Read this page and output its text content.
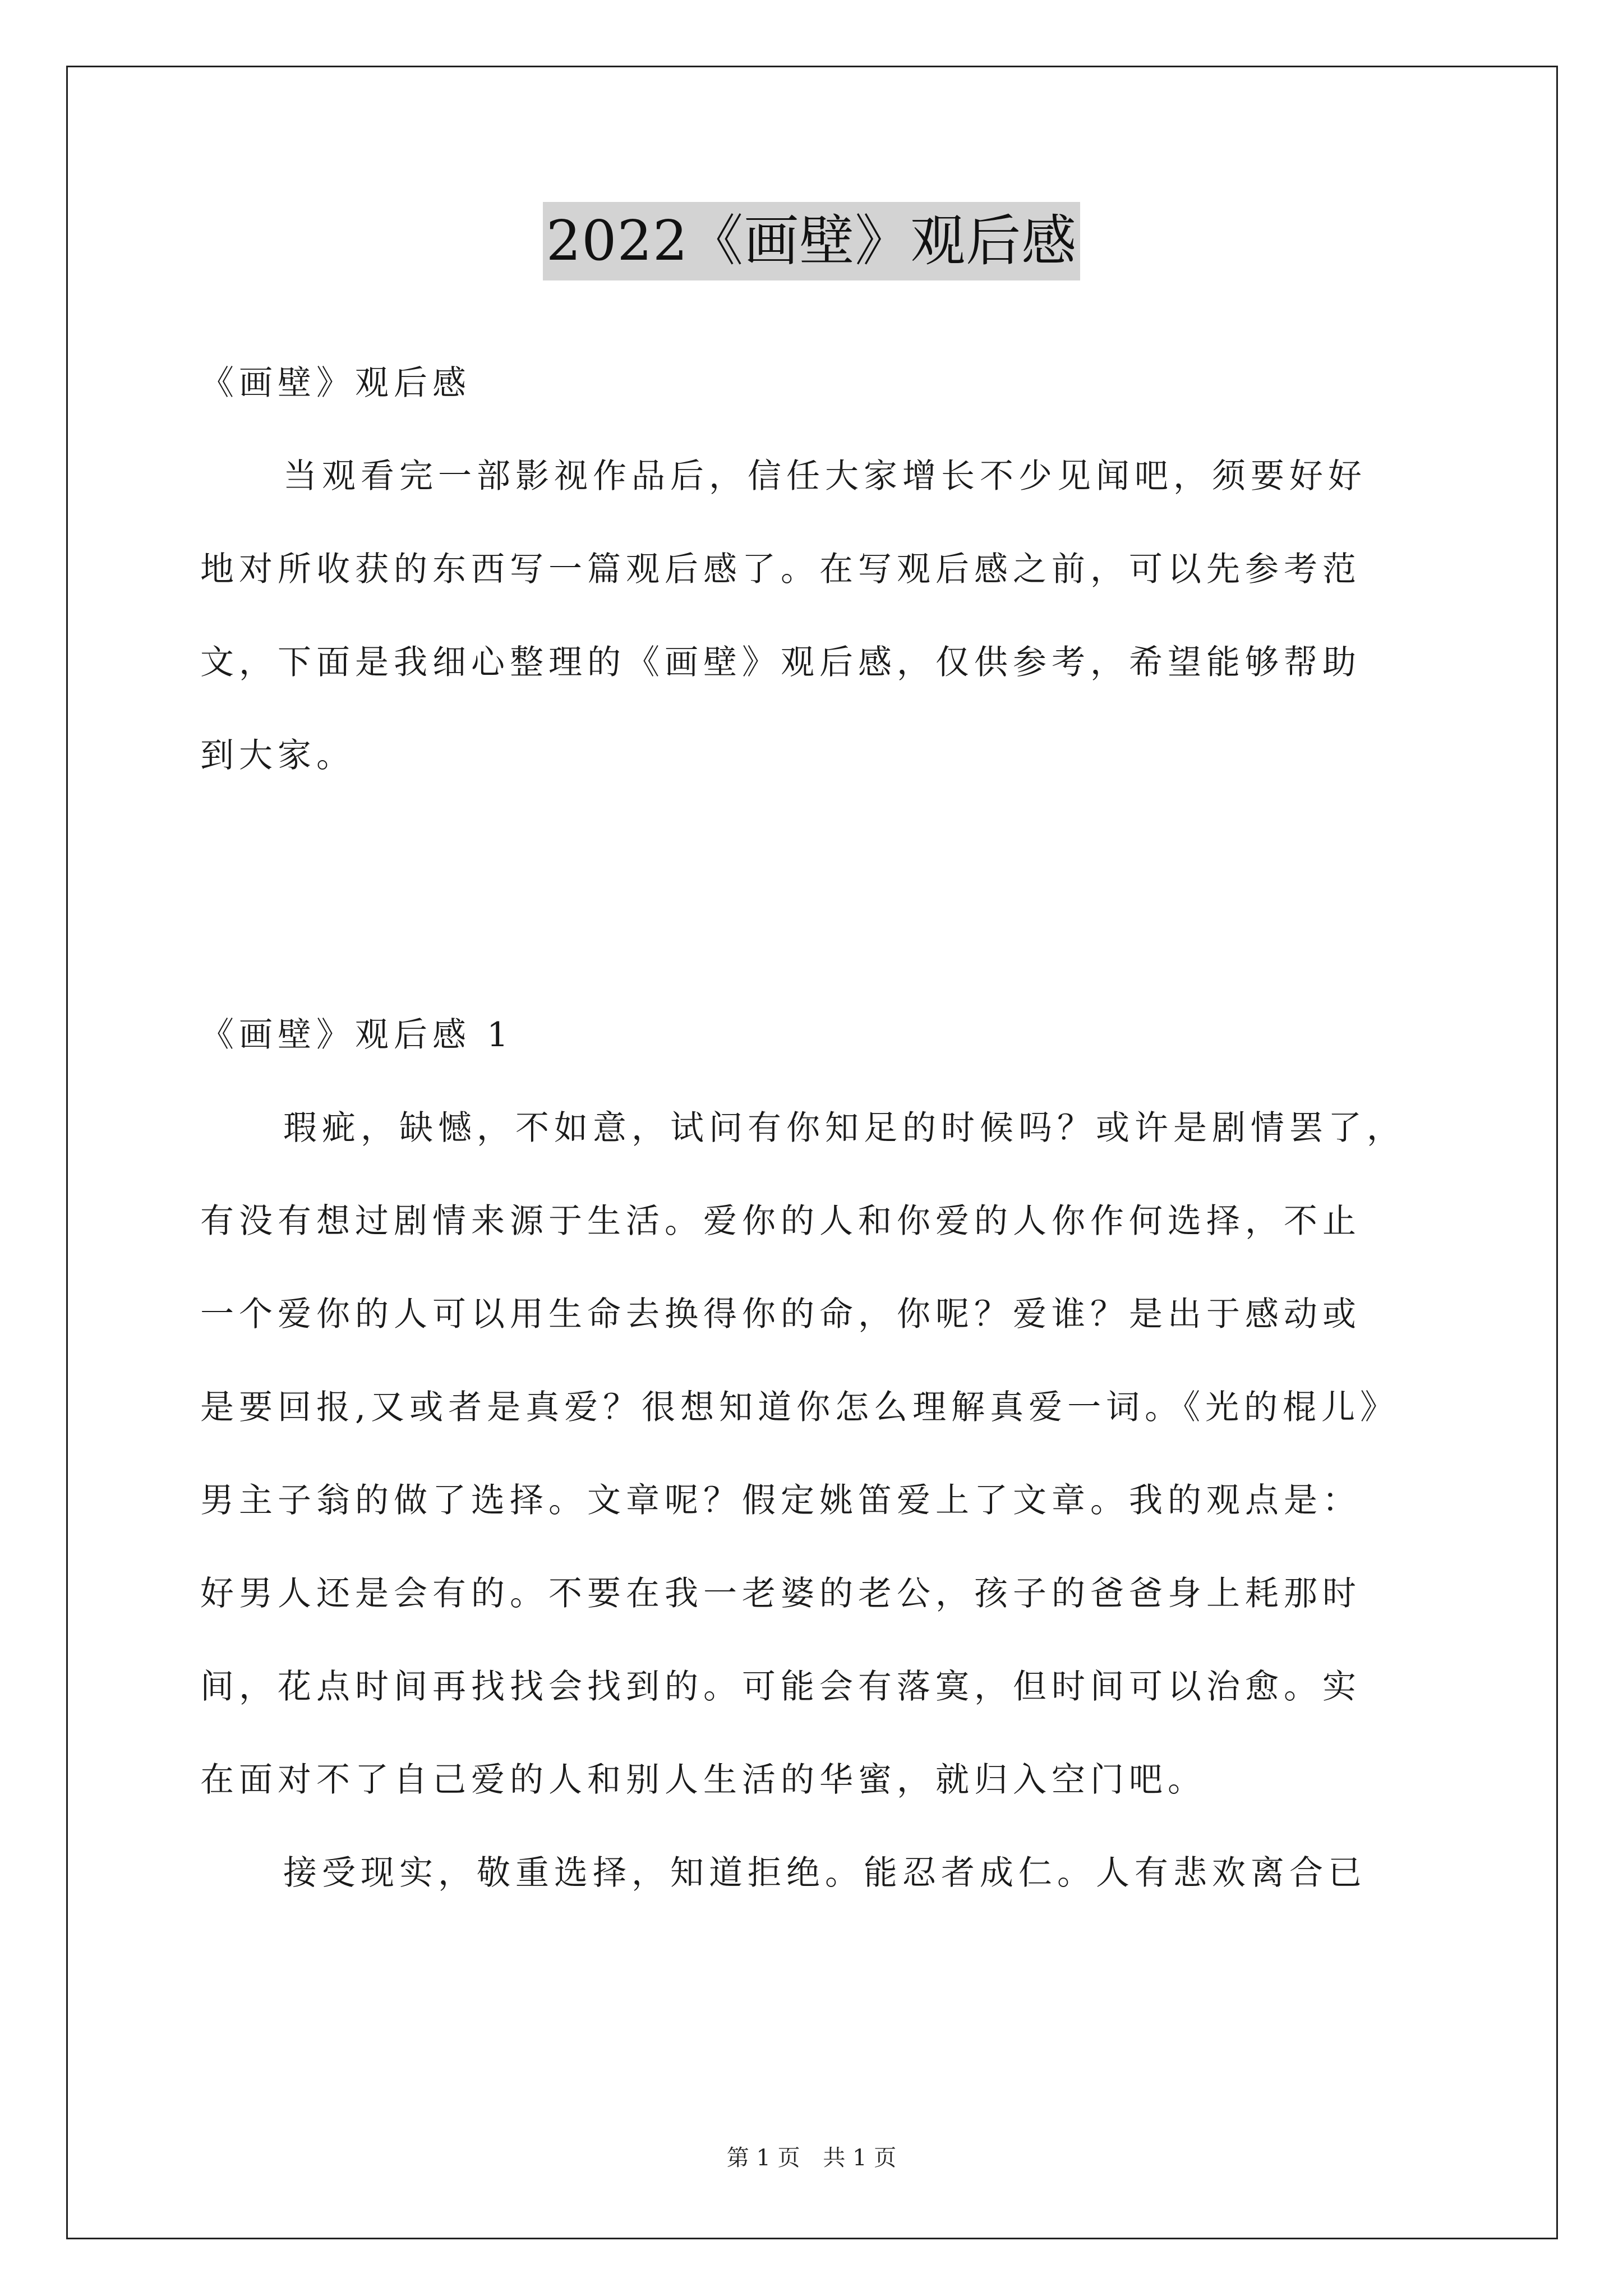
2022《画壁》观后感
《画壁》观后感
当观看完一部影视作品后，信任大家增长不少见闻吧，须要好好
地对所收获的东西写一篇观后感了。在写观后感之前，可以先参考范
文，下面是我细心整理的《画壁》观后感，仅供参考，希望能够帮助
到大家。
《画壁》观后感 1
瑕疵，缺憾，不如意，试问有你知足的时候吗？或许是剧情罢了，
有没有想过剧情来源于生活。爱你的人和你爱的人你作何选择，不止
一个爱你的人可以用生命去换得你的命，你呢？爱谁？是出于感动或
是要回报,又或者是真爱？很想知道你怎么理解真爱一词。《光的棍儿》
男主子翁的做了选择。文章呢？假定姚笛爱上了文章。我的观点是：
好男人还是会有的。不要在我一老婆的老公，孩子的爸爸身上耗那时
间，花点时间再找找会找到的。可能会有落寞，但时间可以治愈。实
在面对不了自己爱的人和别人生活的华蜜，就归入空门吧。
接受现实，敬重选择，知道拒绝。能忍者成仁。人有悲欢离合已
第 1 页 共 1 页
